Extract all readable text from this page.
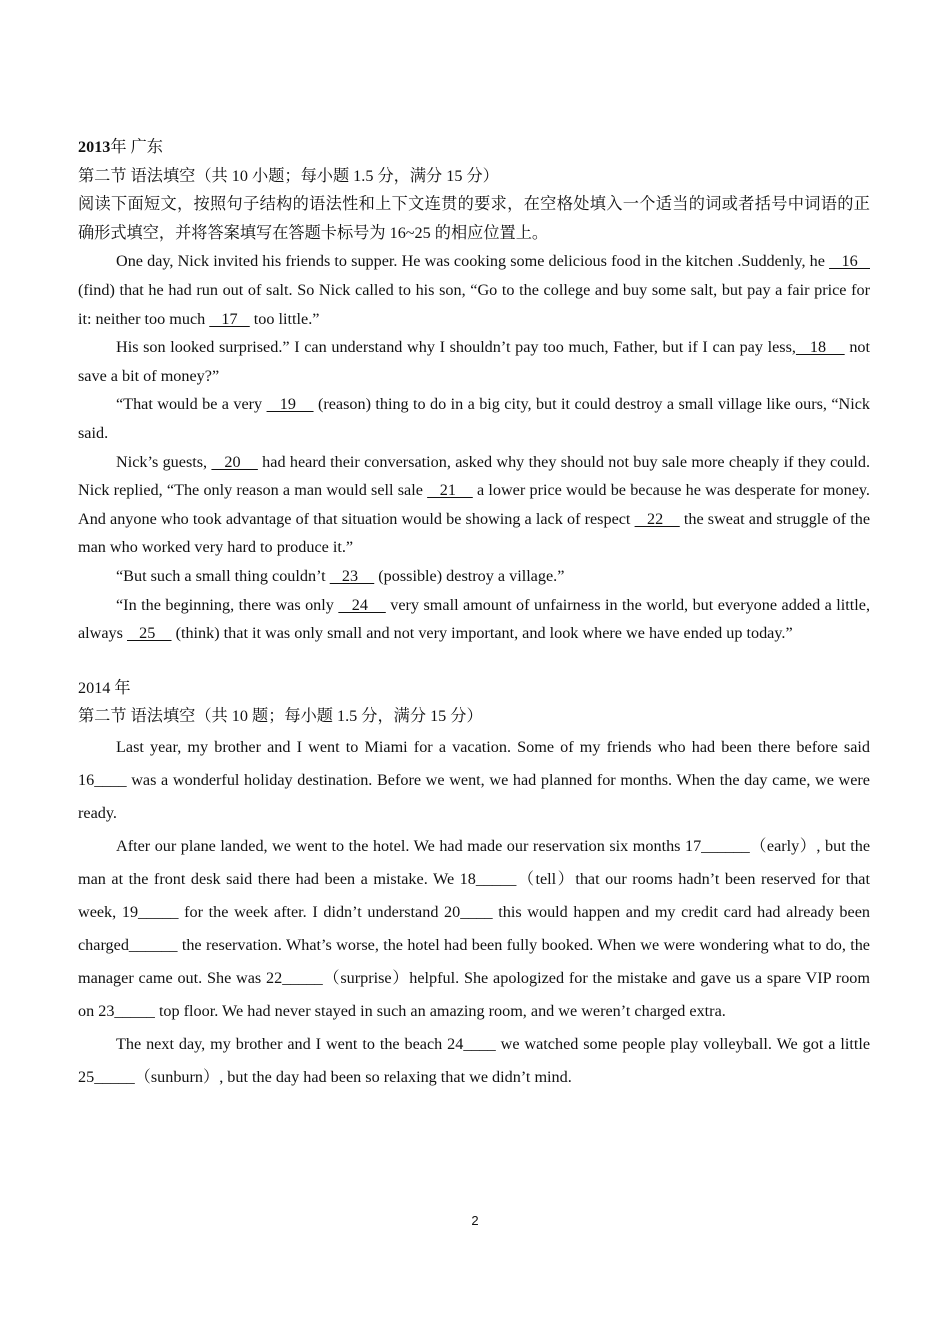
2013年 广东
第二节 语法填空（共 10 小题；每小题 1.5 分，满分 15 分）
阅读下面短文，按照句子结构的语法性和上下文连贯的要求，在空格处填入一个适当的词或者括号中词语的正确形式填空，并将答案填写在答题卡标号为 16~25 的相应位置上。
One day, Nick invited his friends to supper. He was cooking some delicious food in the kitchen .Suddenly, he    16    (find) that he had run out of salt. So Nick called to his son, “Go to the college and buy some salt, but pay a fair price for it: neither too much    17    too little.”
His son looked surprised.” I can understand why I shouldn’t pay too much, Father, but if I can pay less,   18     not save a bit of money?”
“That would be a very    19     (reason) thing to do in a big city, but it could destroy a small village like ours, “Nick said.
Nick’s guests,    20     had heard their conversation, asked why they should not buy sale more cheaply if they could. Nick replied, “The only reason a man would sell sale    21     a lower price would be because he was desperate for money. And anyone who took advantage of that situation would be showing a lack of respect    22     the sweat and struggle of the man who worked very hard to produce it.”
“But such a small thing couldn’t    23     (possible) destroy a village.”
“In the beginning, there was only    24     very small amount of unfairness in the world, but everyone added a little, always    25     (think) that it was only small and not very important, and look where we have ended up today.”
2014 年
第二节 语法填空（共 10 题；每小题 1.5 分，满分 15 分）
Last year, my brother and I went to Miami for a vacation. Some of my friends who had been there before said 16____ was a wonderful holiday destination. Before we went, we had planned for months. When the day came, we were ready.
After our plane landed, we went to the hotel. We had made our reservation six months 17______（early）, but the man at the front desk said there had been a mistake. We 18_____（tell）that our rooms hadn’t been reserved for that week, 19_____ for the week after. I didn’t understand 20____ this would happen and my credit card had already been charged______ the reservation. What’s worse, the hotel had been fully booked. When we were wondering what to do, the manager came out. She was 22_____（surprise）helpful. She apologized for the mistake and gave us a spare VIP room on 23_____ top floor. We had never stayed in such an amazing room, and we weren’t charged extra.
The next day, my brother and I went to the beach 24____ we watched some people play volleyball. We got a little 25_____（sunburn）, but the day had been so relaxing that we didn’t mind.
2
